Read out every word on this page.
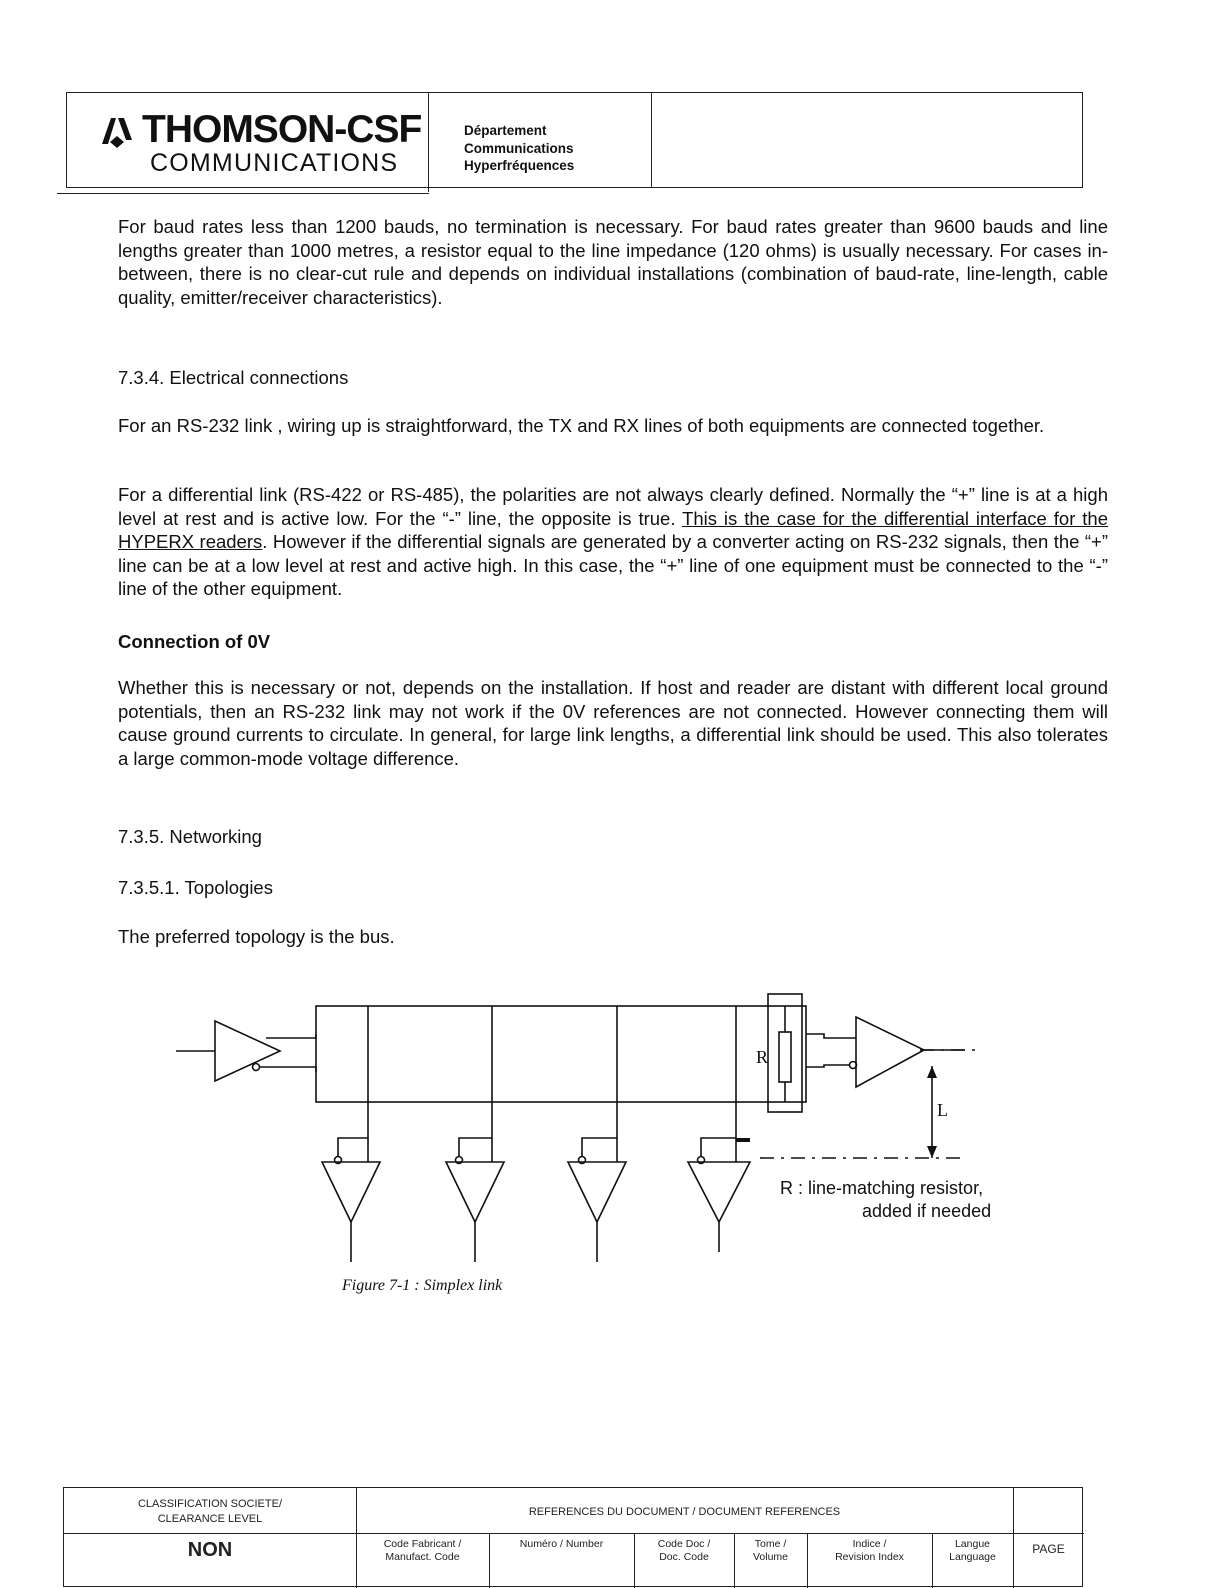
THOMSON-CSF
COMMUNICATIONS
Département
Communications
Hyperfréquences

For baud rates less than 1200 bauds, no termination is necessary. For baud rates greater than 9600 bauds and line lengths greater than 1000 metres, a resistor equal to the line impedance (120 ohms) is usually necessary. For cases in-between, there is no clear-cut rule and depends on individual installations (combination of baud-rate, line-length, cable quality, emitter/receiver characteristics).

7.3.4. Electrical connections

For an RS-232 link , wiring up is straightforward, the TX and RX lines of both equipments are connected together.

For a differential link (RS-422 or RS-485), the polarities are not always clearly defined. Normally the “+” line is at a high level at rest and is active low. For the “-” line, the opposite is true. This is the case for the differential interface for the HYPERX readers. However if the differential signals are generated by a converter acting on RS-232 signals, then the “+” line can be at a low level at rest and active high. In this case, the “+” line of one equipment must be connected to the “-” line of the other equipment.

Connection of 0V

Whether this is necessary or not, depends on the installation. If host and reader are distant with different local ground potentials, then an RS-232 link may not work if the 0V references are not connected. However connecting them will cause ground currents to circulate. In general, for large link lengths, a differential link should be used. This also tolerates a large common-mode voltage difference.

7.3.5. Networking
7.3.5.1. Topologies
The preferred topology is the bus.
R
L
R : line-matching resistor,
added if needed
Figure 7-1 : Simplex link
CLASSIFICATION SOCIETE/
CLEARANCE LEVEL
NON
REFERENCES DU DOCUMENT / DOCUMENT REFERENCES
Code Fabricant /
Manufact. Code
Numéro / Number	Code Doc /
Doc. Code
Tome /
Volume
Indice /
Revision Index
Langue
Language
PAGE
